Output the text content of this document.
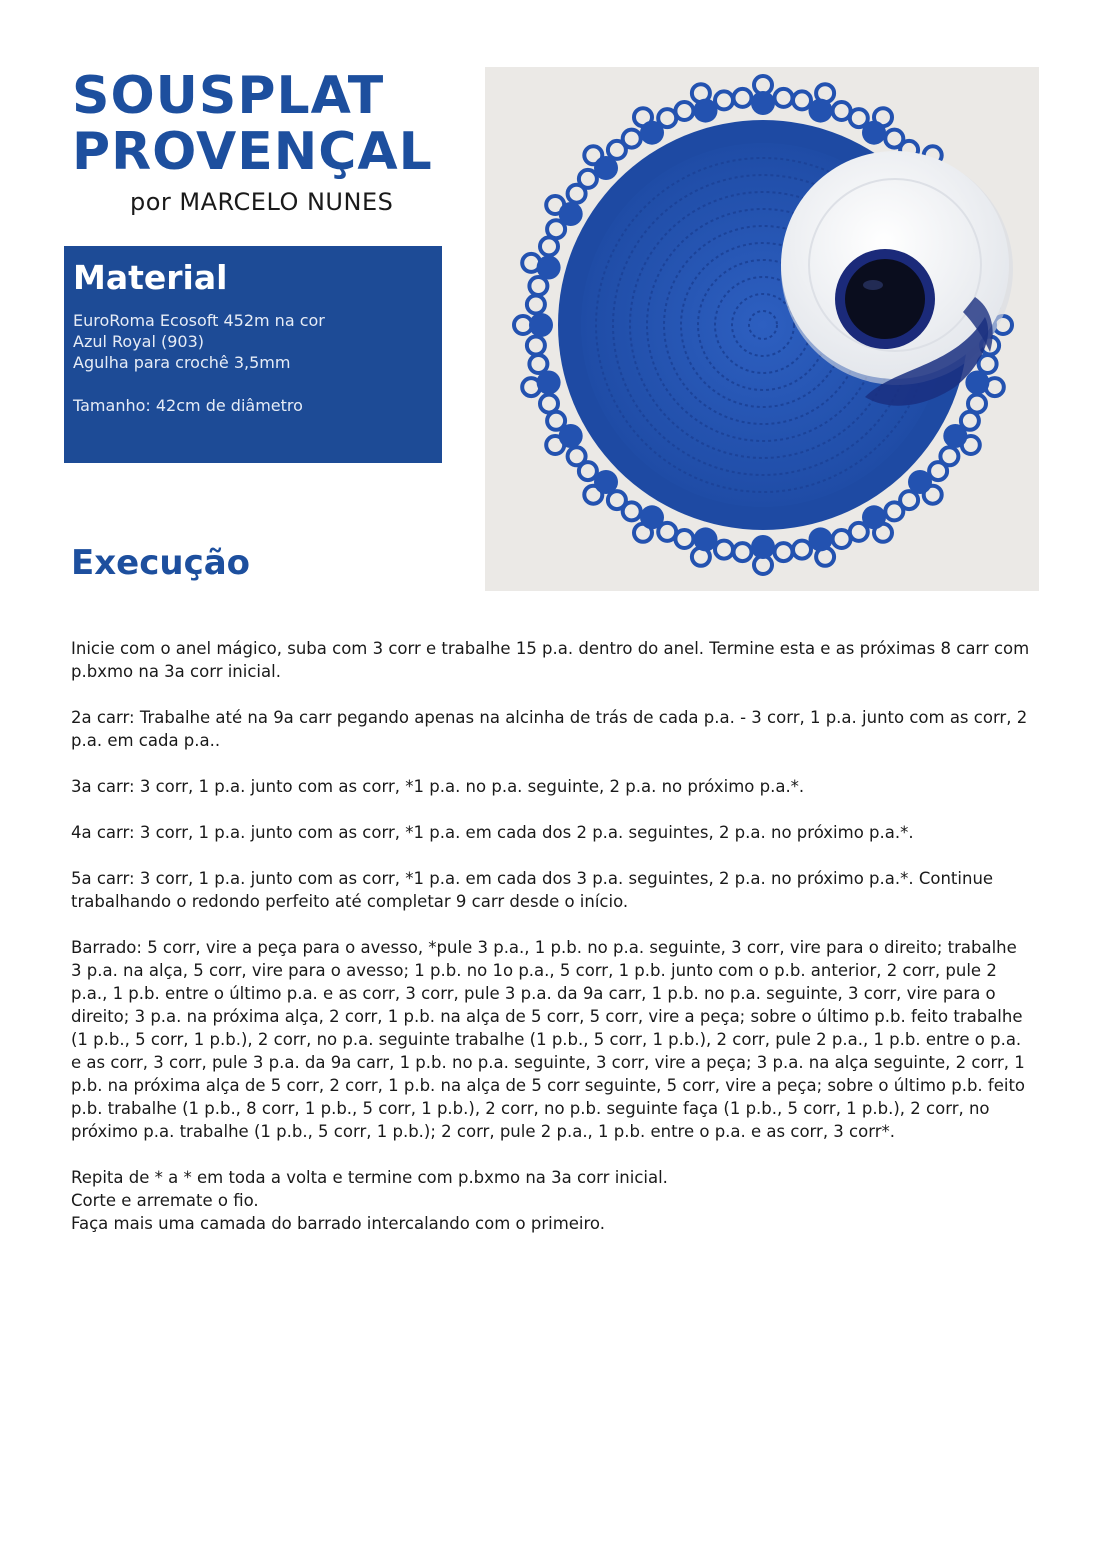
SOUSPLAT
PROVENÇAL

por MARCELO NUNES

Material

EuroRoma Ecosoft 452m na cor

Azul Royal (903)

Agulha para crochê 3,5mm

Tamanho: 42cm de diâmetro

Execução

Inicie com o anel mágico, suba com 3 corr e trabalhe 15 p.a. dentro do anel. Termine esta e as próximas 8 carr com p.bxmo na 3a corr inicial.

2a carr: Trabalhe até na 9a carr pegando apenas na alcinha de trás de cada p.a. - 3 corr, 1 p.a. junto com as corr, 2 p.a. em cada p.a..

3a carr: 3 corr, 1 p.a. junto com as corr, *1 p.a. no p.a. seguinte, 2 p.a. no próximo p.a.*.

4a carr: 3 corr, 1 p.a. junto com as corr, *1 p.a. em cada dos 2 p.a. seguintes, 2 p.a. no próximo p.a.*.

5a carr: 3 corr, 1 p.a. junto com as corr, *1 p.a. em cada dos 3 p.a. seguintes, 2 p.a. no próximo p.a.*. Continue trabalhando o redondo perfeito até completar 9 carr desde o início.

Barrado: 5 corr, vire a peça para o avesso, *pule 3 p.a., 1 p.b. no p.a. seguinte, 3 corr, vire para o direito; trabalhe 3 p.a. na alça, 5 corr, vire para o avesso; 1 p.b. no 1o p.a., 5 corr, 1 p.b. junto com o p.b. anterior, 2 corr, pule 2 p.a., 1 p.b. entre o último p.a. e as corr, 3 corr, pule 3 p.a. da 9a carr, 1 p.b. no p.a. seguinte, 3 corr, vire para o direito; 3 p.a. na próxima alça, 2 corr, 1 p.b. na alça de 5 corr, 5 corr, vire a peça; sobre o último p.b. feito trabalhe (1 p.b., 5 corr, 1 p.b.), 2 corr, no p.a. seguinte trabalhe (1 p.b., 5 corr, 1 p.b.), 2 corr, pule 2 p.a., 1 p.b. entre o p.a. e as corr, 3 corr, pule 3 p.a. da 9a carr, 1 p.b. no p.a. seguinte, 3 corr, vire a peça; 3 p.a. na alça seguinte, 2 corr, 1 p.b. na próxima alça de 5 corr, 2 corr, 1 p.b. na alça de 5 corr seguinte, 5 corr, vire a peça; sobre o último p.b. feito p.b. trabalhe (1 p.b., 8 corr, 1 p.b., 5 corr, 1 p.b.), 2 corr, no p.b. seguinte faça (1 p.b., 5 corr, 1 p.b.), 2 corr, no próximo p.a. trabalhe (1 p.b., 5 corr, 1 p.b.); 2 corr, pule 2 p.a., 1 p.b. entre o p.a. e as corr, 3 corr*.

Repita de * a * em toda a volta e termine com p.bxmo na 3a corr inicial.

Corte e arremate o fio.

Faça mais uma camada do barrado intercalando com o primeiro.
